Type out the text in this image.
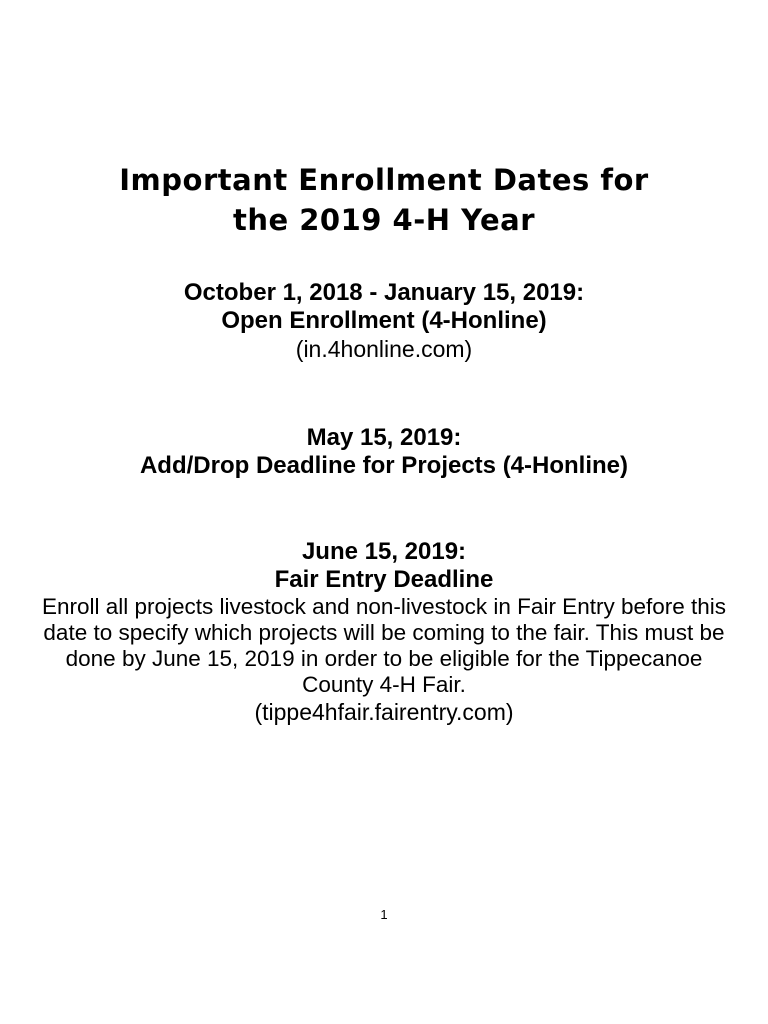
Important Enrollment Dates for
the 2019 4-H Year

October 1, 2018 - January 15, 2019:

Open Enrollment (4-Honline)

(in.4honline.com)

May 15, 2019:

Add/Drop Deadline for Projects (4-Honline)

June 15, 2019:

Fair Entry Deadline

Enroll all projects livestock and non-livestock in Fair Entry before this date to specify which projects will be coming to the fair. This must be done by June 15, 2019 in order to be eligible for the Tippecanoe County 4-H Fair.

(tippe4hfair.fairentry.com)

1
